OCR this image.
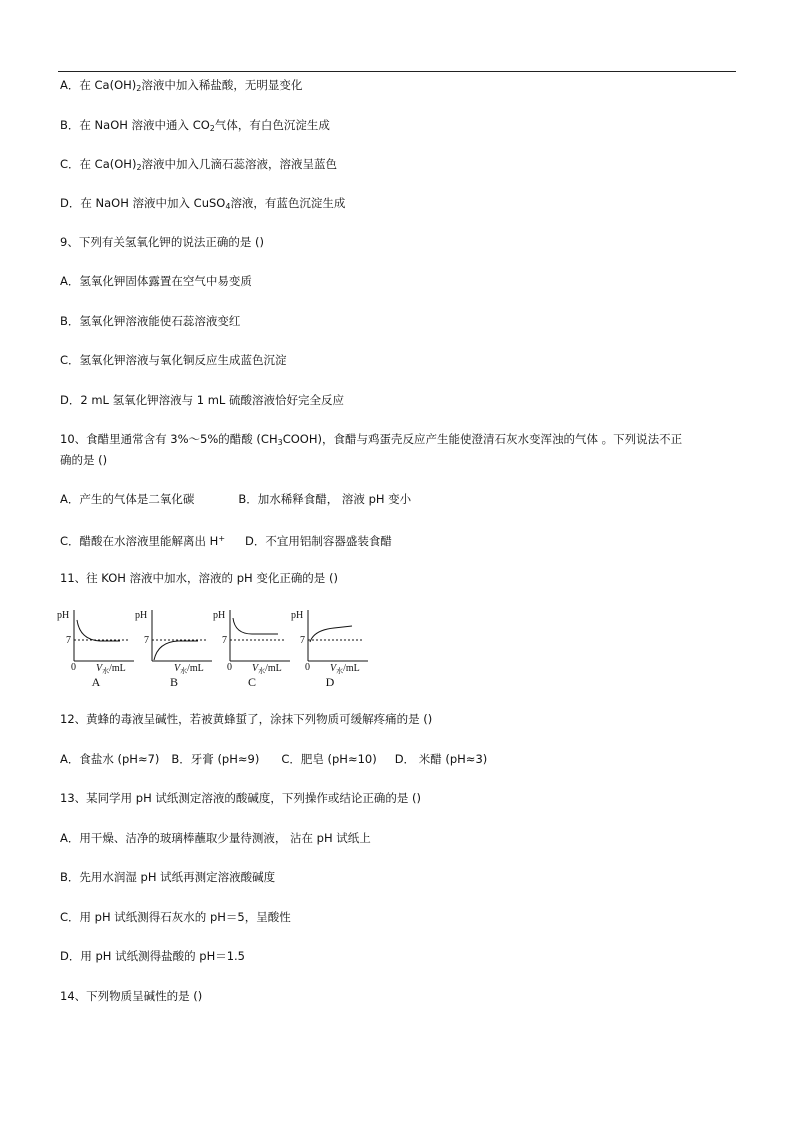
A．在 $Ca(OH)_2$溶液中加入稀盐酸，无明显变化
B．在 NaOH 溶液中通入 $CO_2$气体，有白色沉淀生成
C．在 $Ca(OH)_2$溶液中加入几滴石蕊溶液，溶液呈蓝色
D．在 NaOH 溶液中加入 CuSO$_4$溶液，有蓝色沉淀生成
9、下列有关氢氧化钾的说法正确的是 ()
A．氢氧化钾固体露置在空气中易变质
B．氢氧化钾溶液能使石蕊溶液变红
C．氢氧化钾溶液与氧化铜反应生成蓝色沉淀
D．2 mL 氢氧化钾溶液与 1 mL 硫酸溶液恰好完全反应
10、食醋里通常含有 3%～5%的醋酸 $(CH_3COOH)$，食醋与鸡蛋壳反应产生能使澄清石灰水变浑浊的气体 。下列说法不正
确的是 ()
A．产生的气体是二氧化碳	B．加水稀释食醋， 溶液 pH 变小
C．醋酸在水溶液里能解离出 H+ D．不宜用铝制容器盛装食醋
11、往 KOH 溶液中加水，溶液的 pH 变化正确的是 ()
pH
7
0 $V_水/mL$
A
pH
7
$V_水/mL$
B
pH
7
0 $V_水/mL$
C
pH
7
0 $V_水/mL$
D
12、黄蜂的毒液呈碱性，若被黄蜂蜇了，涂抹下列物质可缓解疼痛的是 ()
A．食盐水 (pH≈7) B．牙膏 (pH≈9) C．肥皂 (pH≈10) D． 米醋 (pH≈3)
13、某同学用 pH 试纸测定溶液的酸碱度，下列操作或结论正确的是 ()
A．用干燥、洁净的玻璃棒蘸取少量待测液， 沾在 pH 试纸上
B．先用水润湿 pH 试纸再测定溶液酸碱度
C．用 pH 试纸测得石灰水的 pH＝5，呈酸性
D．用 pH 试纸测得盐酸的 pH＝1.5
14、下列物质呈碱性的是 ()
